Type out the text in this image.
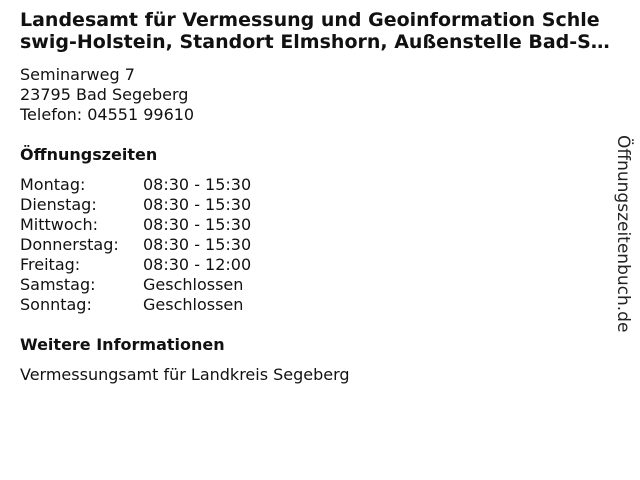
Landesamt für Vermessung und Geoinformation Schle
swig-Holstein, Standort Elmshorn, Außenstelle Bad-S…
Seminarweg 7
23795 Bad Segeberg
Telefon: 04551 99610
Öffnungszeiten
Montag:	08:30 - 15:30
Dienstag:	08:30 - 15:30
Mittwoch:	08:30 - 15:30
Donnerstag:	08:30 - 15:30
Freitag:	08:30 - 12:00
Samstag:	Geschlossen
Sonntag:	Geschlossen
Weitere Informationen
Vermessungsamt für Landkreis Segeberg
Öffnungszeitenbuch.de
